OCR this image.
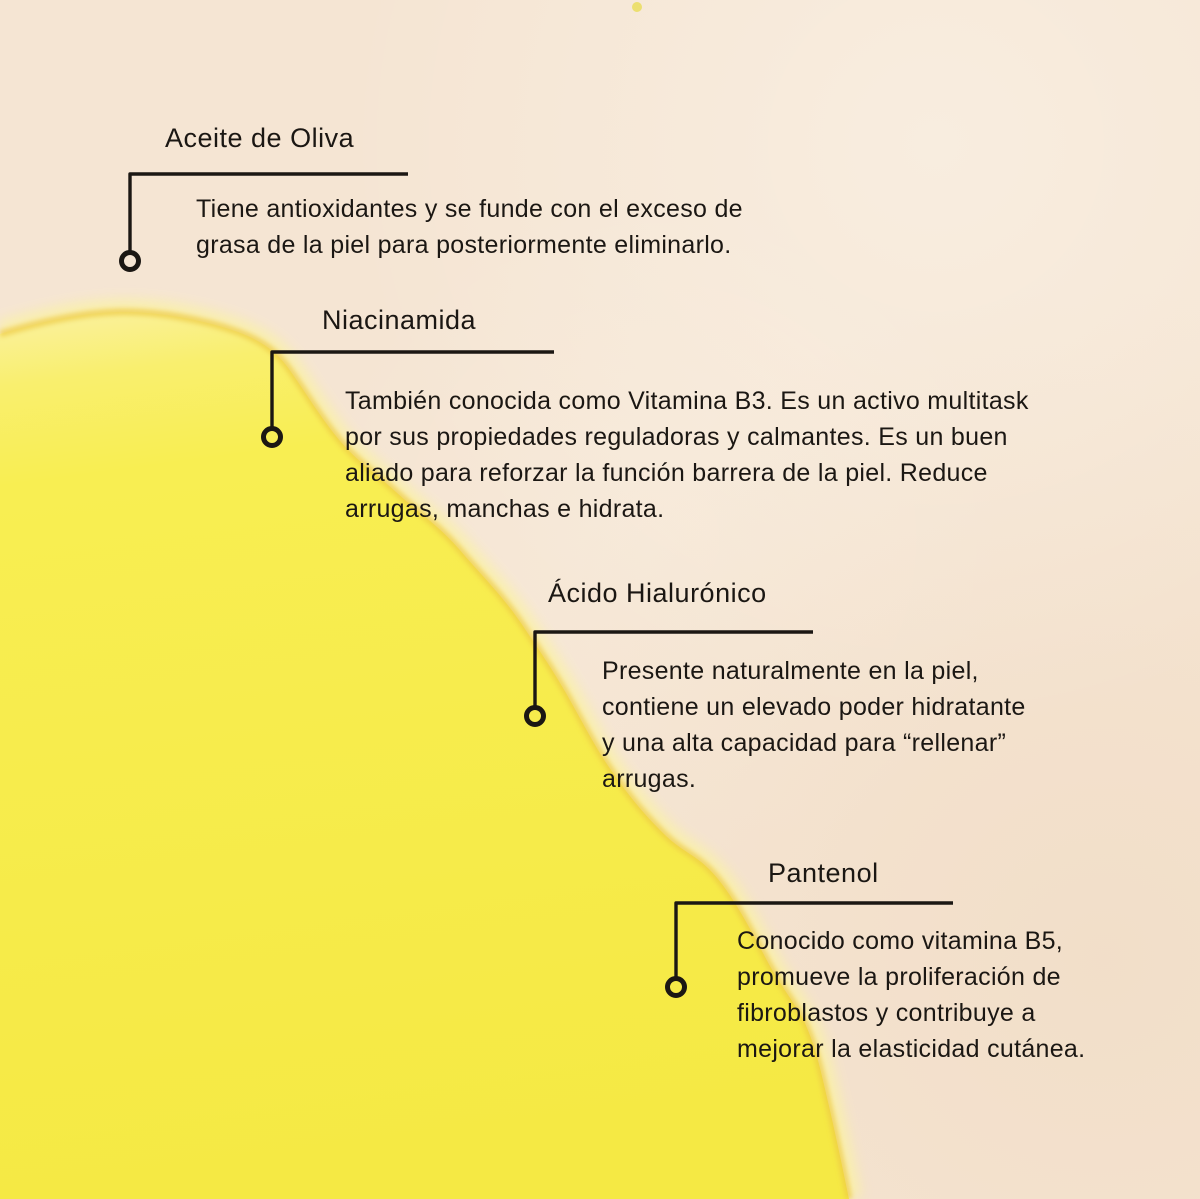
Aceite de Oliva
Tiene antioxidantes y se funde con el exceso de
grasa de la piel para posteriormente eliminarlo.
Niacinamida
También conocida como Vitamina B3. Es un activo multitask
por sus propiedades reguladoras y calmantes. Es un buen
aliado para reforzar la función barrera de la piel. Reduce
arrugas, manchas e hidrata.
Ácido Hialurónico
Presente naturalmente en la piel,
contiene un elevado poder hidratante
y una alta capacidad para “rellenar”
arrugas.
Pantenol
Conocido como vitamina B5,
promueve la proliferación de
fibroblastos y contribuye a
mejorar la elasticidad cutánea.
